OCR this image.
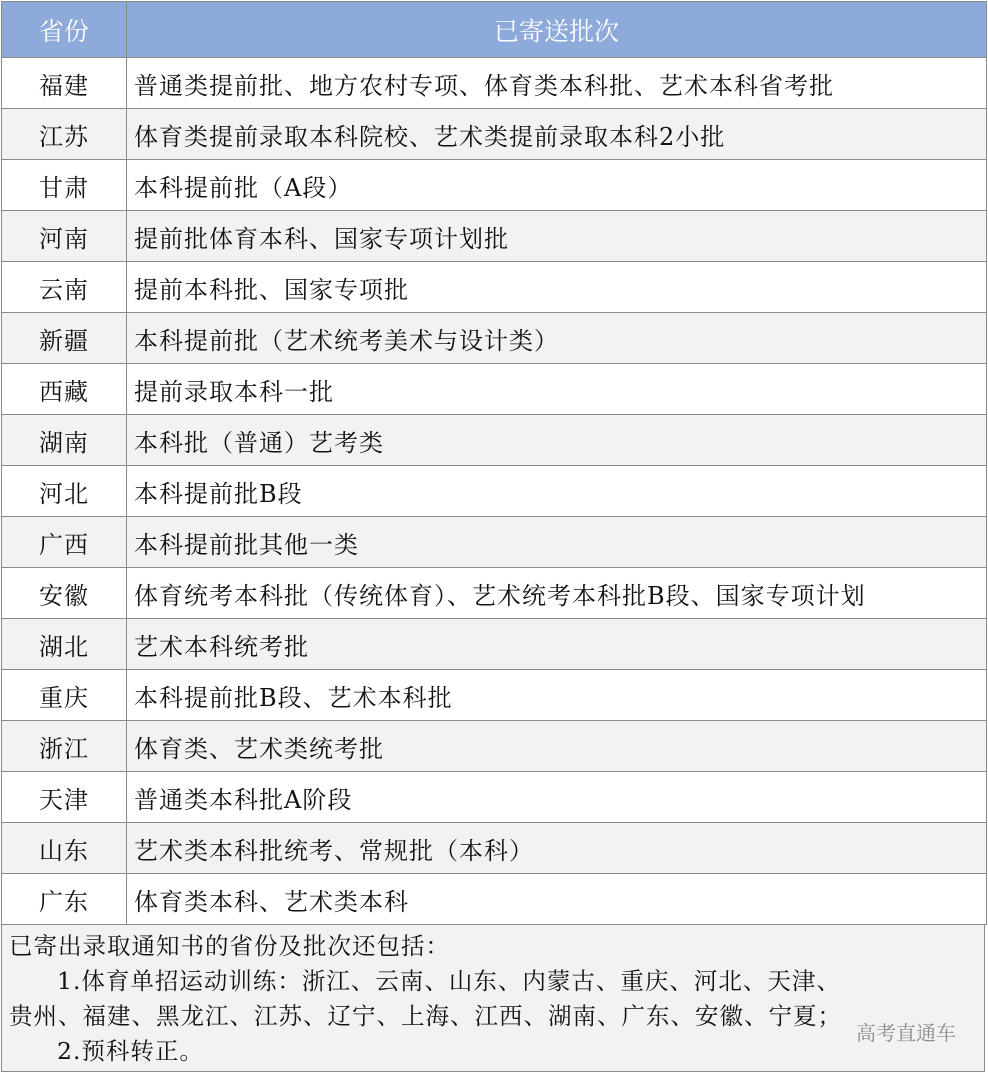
省份	已寄送批次
福建	普通类提前批、地方农村专项、体育类本科批、艺术本科省考批
江苏	体育类提前录取本科院校、艺术类提前录取本科2小批
甘肃	本科提前批（A段）
河南	提前批体育本科、国家专项计划批
云南	提前本科批、国家专项批
新疆	本科提前批（艺术统考美术与设计类）
西藏	提前录取本科一批
湖南	本科批（普通）艺考类
河北	本科提前批B段
广西	本科提前批其他一类
安徽	体育统考本科批（传统体育）、艺术统考本科批B段、国家专项计划
湖北	艺术本科统考批
重庆	本科提前批B段、艺术本科批
浙江	体育类、艺术类统考批
天津	普通类本科批A阶段
山东	艺术类本科批统考、常规批（本科）
广东	体育类本科、艺术类本科
已寄出录取通知书的省份及批次还包括：
1.体育单招运动训练：浙江、云南、山东、内蒙古、重庆、河北、天津、
贵州、福建、黑龙江、江苏、辽宁、上海、江西、湖南、广东、安徽、宁夏；
2.预科转正。
高考直通车
